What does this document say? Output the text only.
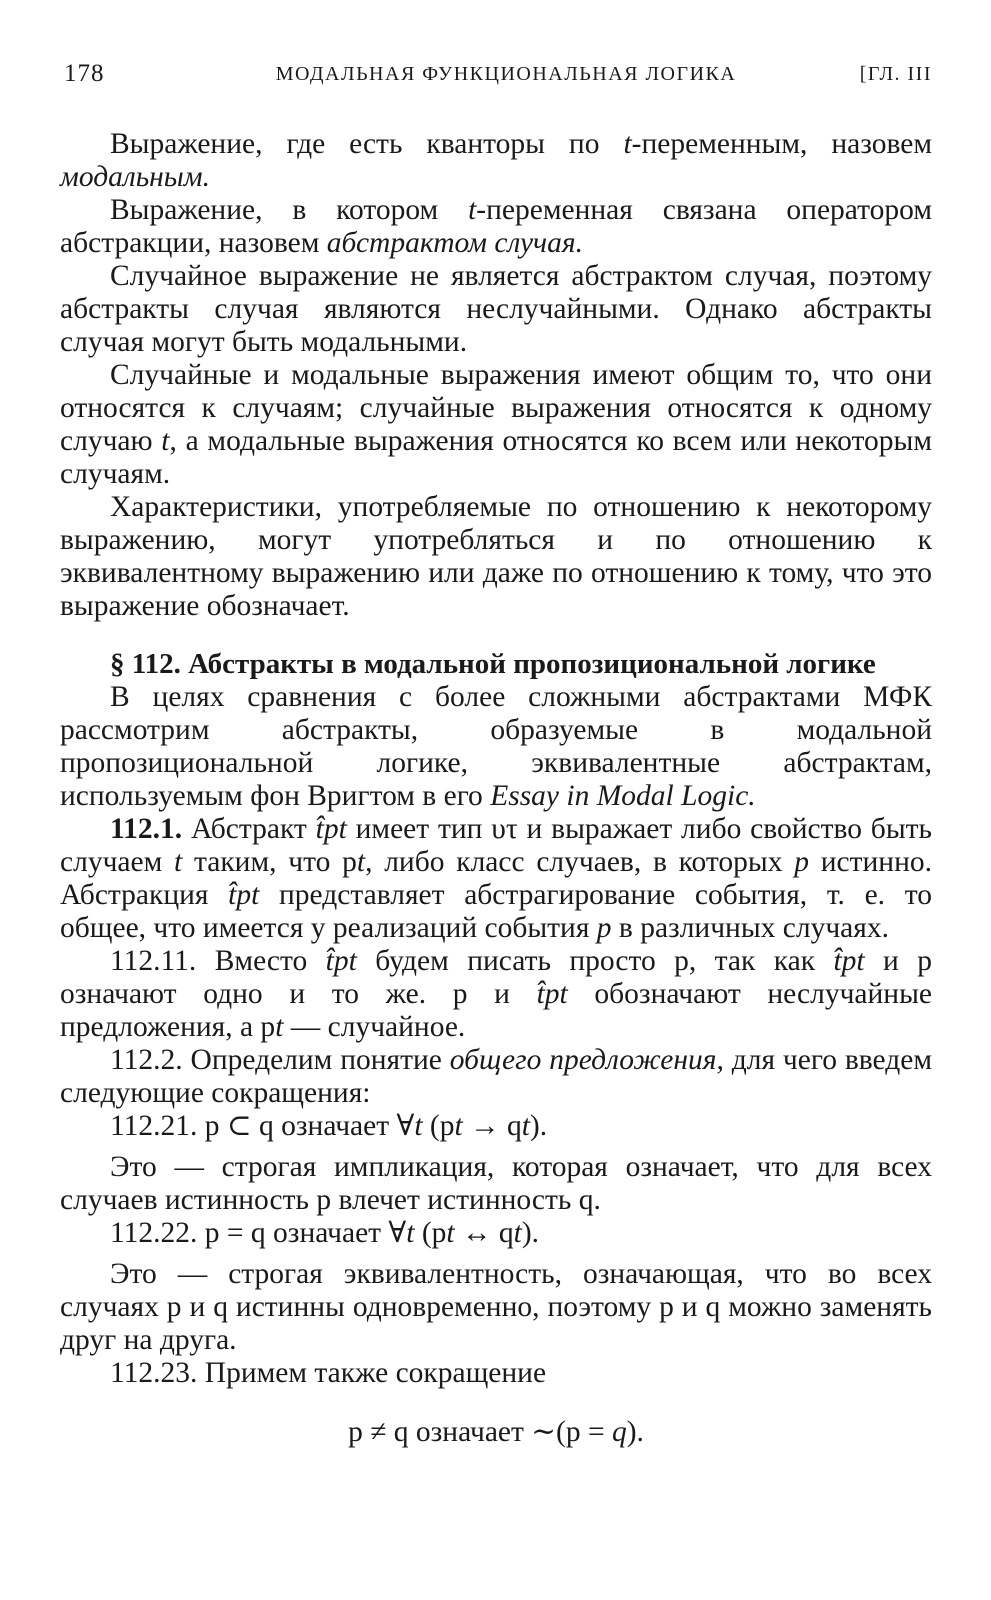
178	МОДАЛЬНАЯ ФУНКЦИОНАЛЬНАЯ ЛОГИКА	[ГЛ. III

Выражение, где есть кванторы по t-переменным, назовем модальным.

Выражение, в котором t-переменная связана оператором абстракции, назовем абстрактом случая.

Случайное выражение не является абстрактом случая, поэтому абстракты случая являются неслучайными. Однако абстракты случая могут быть модальными.

Случайные и модальные выражения имеют общим то, что они относятся к случаям; случайные выражения относятся к одному случаю t, а модальные выражения относятся ко всем или некоторым случаям.

Характеристики, употребляемые по отношению к некоторому выражению, могут употребляться и по отношению к эквивалентному выражению или даже по отношению к тому, что это выражение обозначает.

§ 112. Абстракты в модальной пропозициональной логике

В целях сравнения с более сложными абстрактами МФК рассмотрим абстракты, образуемые в модальной пропозициональной логике, эквивалентные абстрактам, используемым фон Вригтом в его Essay in Modal Logic.

112.1. Абстракт t̂pt имеет тип υτ и выражает либо свойство быть случаем t таким, что pt, либо класс случаев, в которых p истинно. Абстракция t̂pt представляет абстрагирование события, т. е. то общее, что имеется у реализаций события p в различных случаях.

112.11. Вместо t̂pt будем писать просто p, так как t̂pt и p означают одно и то же. p и t̂pt обозначают неслучайные предложения, а pt — случайное.

112.2. Определим понятие общего предложения, для чего введем следующие сокращения:

112.21. p ⊂ q означает ∀t (pt → qt).

Это — строгая импликация, которая означает, что для всех случаев истинность p влечет истинность q.

112.22. p = q означает ∀t (pt ↔ qt).

Это — строгая эквивалентность, означающая, что во всех случаях p и q истинны одновременно, поэтому p и q можно заменять друг на друга.

112.23. Примем также сокращение

p ≠ q означает ∼(p = q).
